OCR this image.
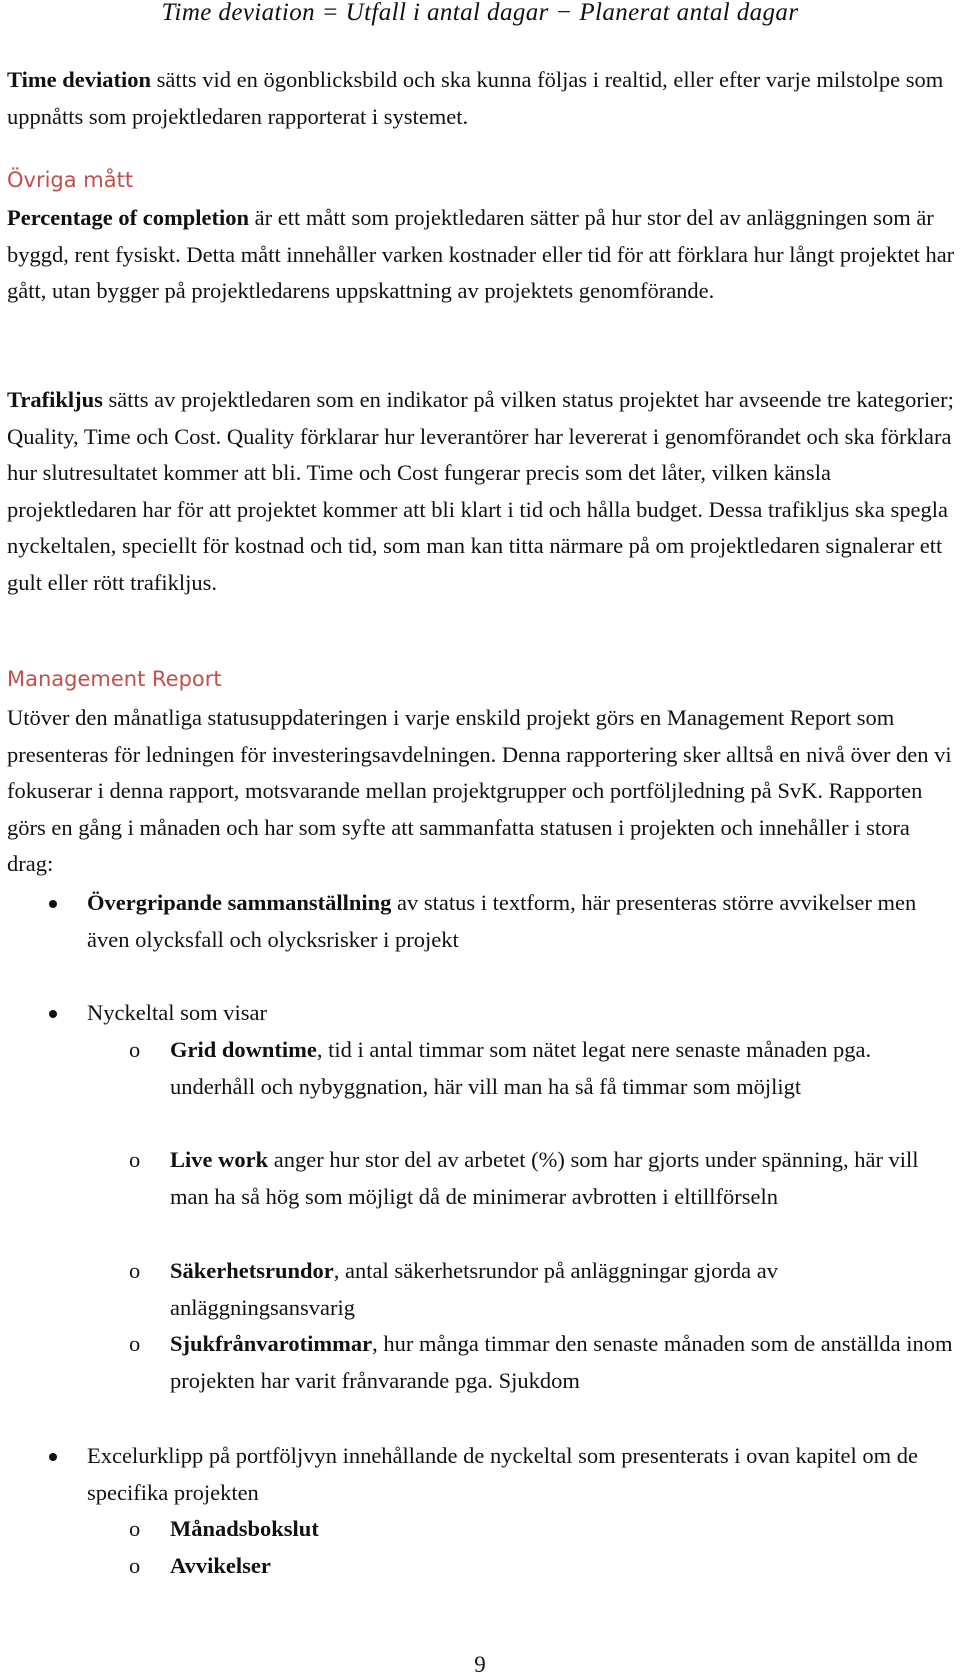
Time deviation = Utfall i antal dagar − Planerat antal dagar

Time deviation sätts vid en ögonblicksbild och ska kunna följas i realtid, eller efter varje milstolpe som uppnåtts som projektledaren rapporterat i systemet.

Övriga mått

Percentage of completion är ett mått som projektledaren sätter på hur stor del av anläggningen som är byggd, rent fysiskt. Detta mått innehåller varken kostnader eller tid för att förklara hur långt projektet har gått, utan bygger på projektledarens uppskattning av projektets genomförande.

Trafikljus sätts av projektledaren som en indikator på vilken status projektet har avseende tre kategorier; Quality, Time och Cost. Quality förklarar hur leverantörer har levererat i genomförandet och ska förklara hur slutresultatet kommer att bli. Time och Cost fungerar precis som det låter, vilken känsla projektledaren har för att projektet kommer att bli klart i tid och hålla budget. Dessa trafikljus ska spegla nyckeltalen, speciellt för kostnad och tid, som man kan titta närmare på om projektledaren signalerar ett gult eller rött trafikljus.

Management Report

Utöver den månatliga statusuppdateringen i varje enskild projekt görs en Management Report som presenteras för ledningen för investeringsavdelningen. Denna rapportering sker alltså en nivå över den vi fokuserar i denna rapport, motsvarande mellan projektgrupper och portföljledning på SvK. Rapporten görs en gång i månaden och har som syfte att sammanfatta statusen i projekten och innehåller i stora drag:

Övergripande sammanställning av status i textform, här presenteras större avvikelser men även olycksfall och olycksrisker i projekt

Nyckeltal som visar

o Grid downtime, tid i antal timmar som nätet legat nere senaste månaden pga. underhåll och nybyggnation, här vill man ha så få timmar som möjligt

o Live work anger hur stor del av arbetet (%) som har gjorts under spänning, här vill man ha så hög som möjligt då de minimerar avbrotten i eltillförseln

o Säkerhetsrundor, antal säkerhetsrundor på anläggningar gjorda av anläggningsansvarig

o Sjukfrånvarotimmar, hur många timmar den senaste månaden som de anställda inom projekten har varit frånvarande pga. Sjukdom

Excelurklipp på portföljvyn innehållande de nyckeltal som presenterats i ovan kapitel om de specifika projekten

o Månadsbokslut

o Avvikelser

9
